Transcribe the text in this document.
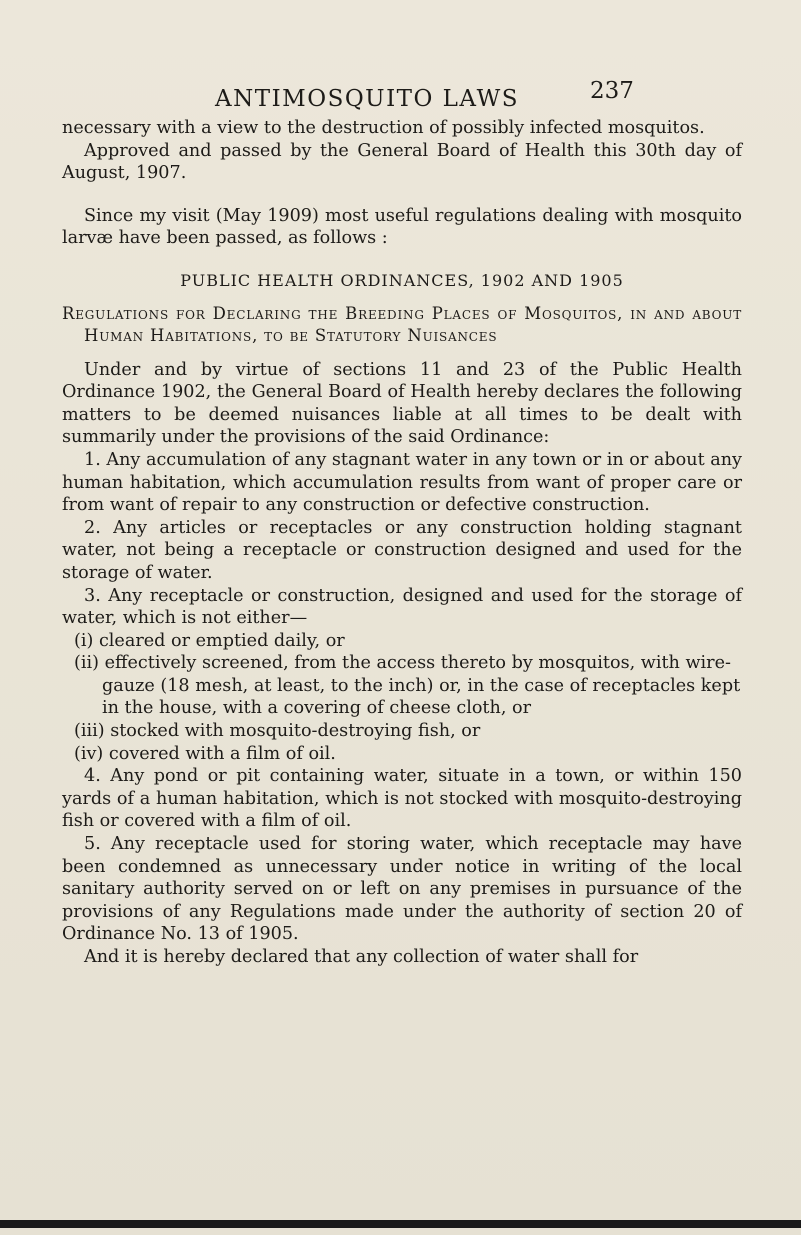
ANTIMOSQUITO LAWS	237

necessary with a view to the destruction of possibly infected mosquitos.

Approved and passed by the General Board of Health this 30th day of August, 1907.

Since my visit (May 1909) most useful regulations dealing with mosquito larvæ have been passed, as follows :

PUBLIC HEALTH ORDINANCES, 1902 AND 1905

Regulations for Declaring the Breeding Places of Mosquitos, in and about Human Habitations, to be Statutory Nuisances

Under and by virtue of sections 11 and 23 of the Public Health Ordinance 1902, the General Board of Health hereby declares the following matters to be deemed nuisances liable at all times to be dealt with summarily under the provisions of the said Ordinance:

1. Any accumulation of any stagnant water in any town or in or about any human habitation, which accumulation results from want of proper care or from want of repair to any construction or defective construction.

2. Any articles or receptacles or any construction holding stagnant water, not being a receptacle or construction designed and used for the storage of water.

3. Any receptacle or construction, designed and used for the storage of water, which is not either—

(i) cleared or emptied daily, or

(ii) effectively screened, from the access thereto by mosquitos, with wire-gauze (18 mesh, at least, to the inch) or, in the case of receptacles kept in the house, with a covering of cheese cloth, or

(iii) stocked with mosquito-destroying fish, or

(iv) covered with a film of oil.

4. Any pond or pit containing water, situate in a town, or within 150 yards of a human habitation, which is not stocked with mosquito-destroying fish or covered with a film of oil.

5. Any receptacle used for storing water, which receptacle may have been condemned as unnecessary under notice in writing of the local sanitary authority served on or left on any premises in pursuance of the provisions of any Regulations made under the authority of section 20 of Ordinance No. 13 of 1905.

And it is hereby declared that any collection of water shall for
